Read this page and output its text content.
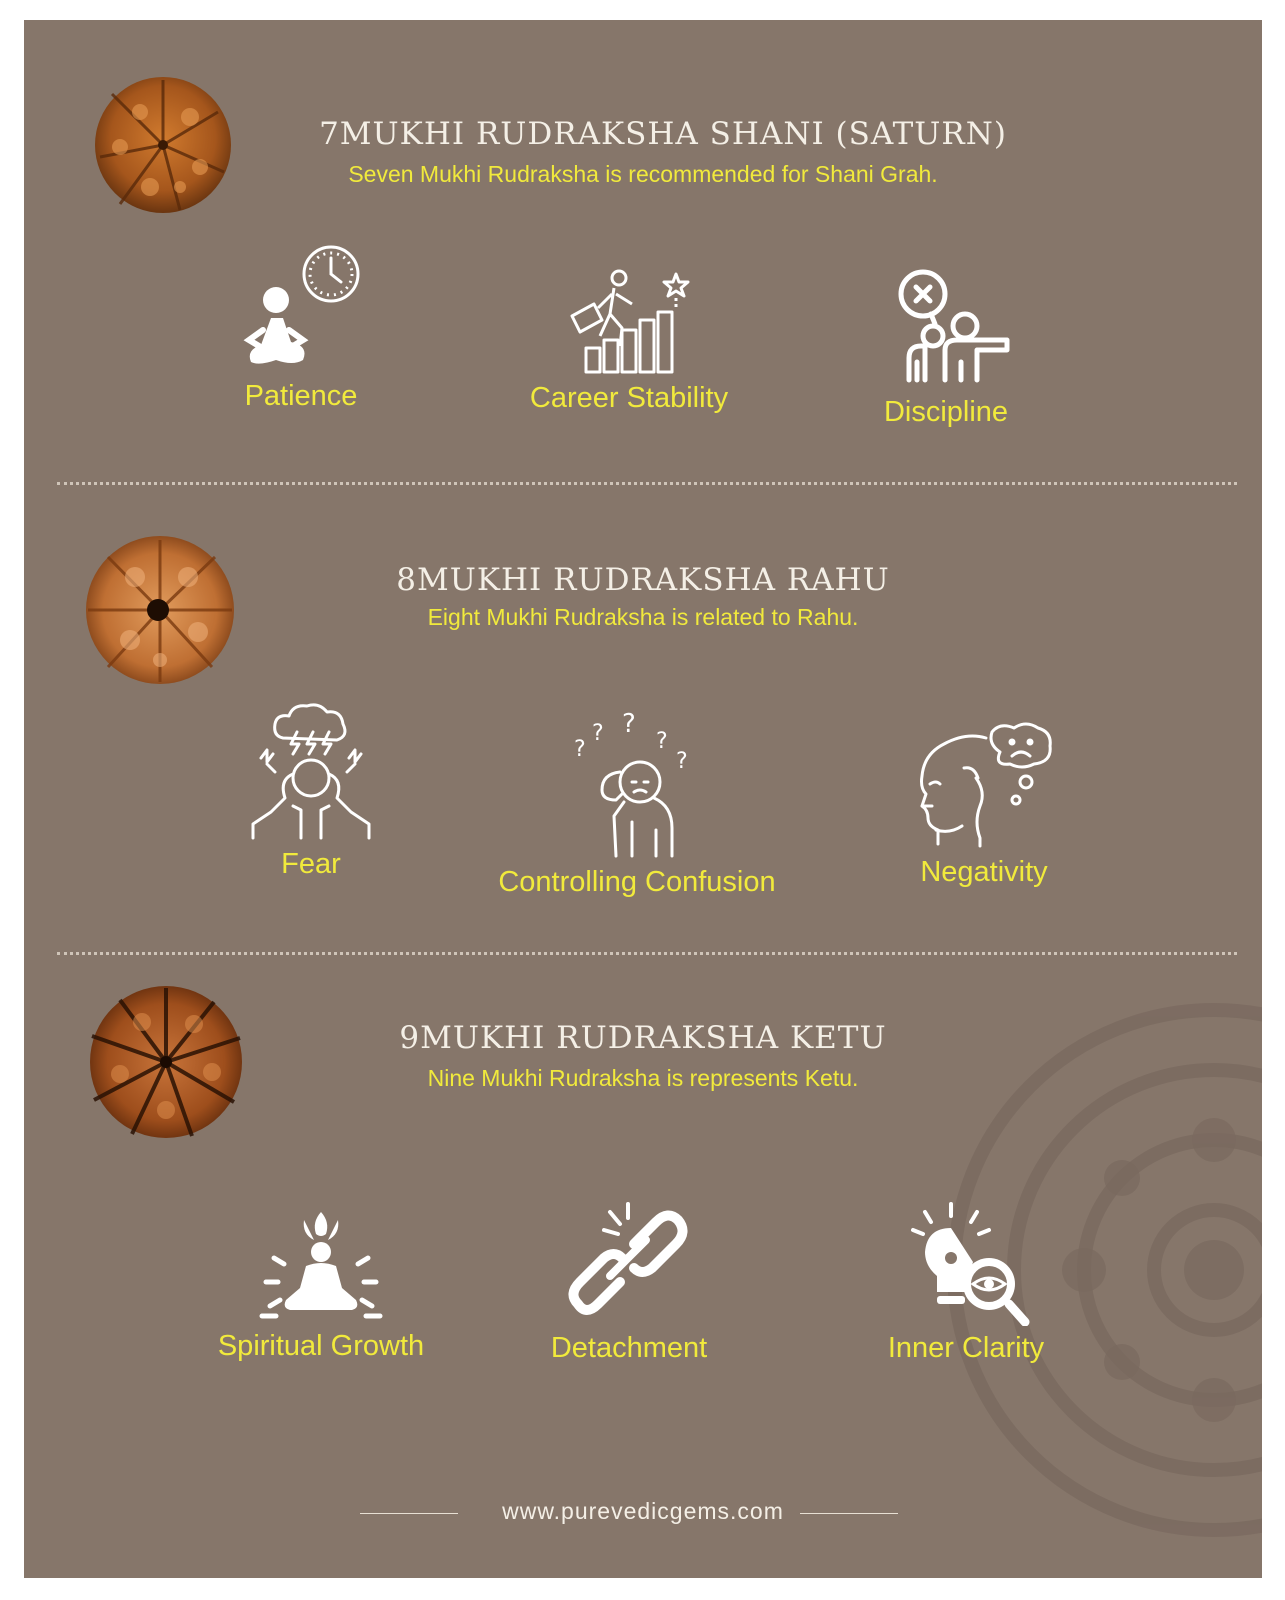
7MUKHI RUDRAKSHA SHANI (SATURN)
Seven Mukhi Rudraksha is recommended for Shani Grah.
Patience	Career Stability	Discipline
8MUKHI RUDRAKSHA RAHU
Eight Mukhi Rudraksha is related to Rahu.
Fear
?
? ?
?
?
Controlling Confusion	Negativity
9MUKHI RUDRAKSHA KETU
Nine Mukhi Rudraksha is represents Ketu.
Spiritual Growth	Detachment	Inner Clarity
www.purevedicgems.com
